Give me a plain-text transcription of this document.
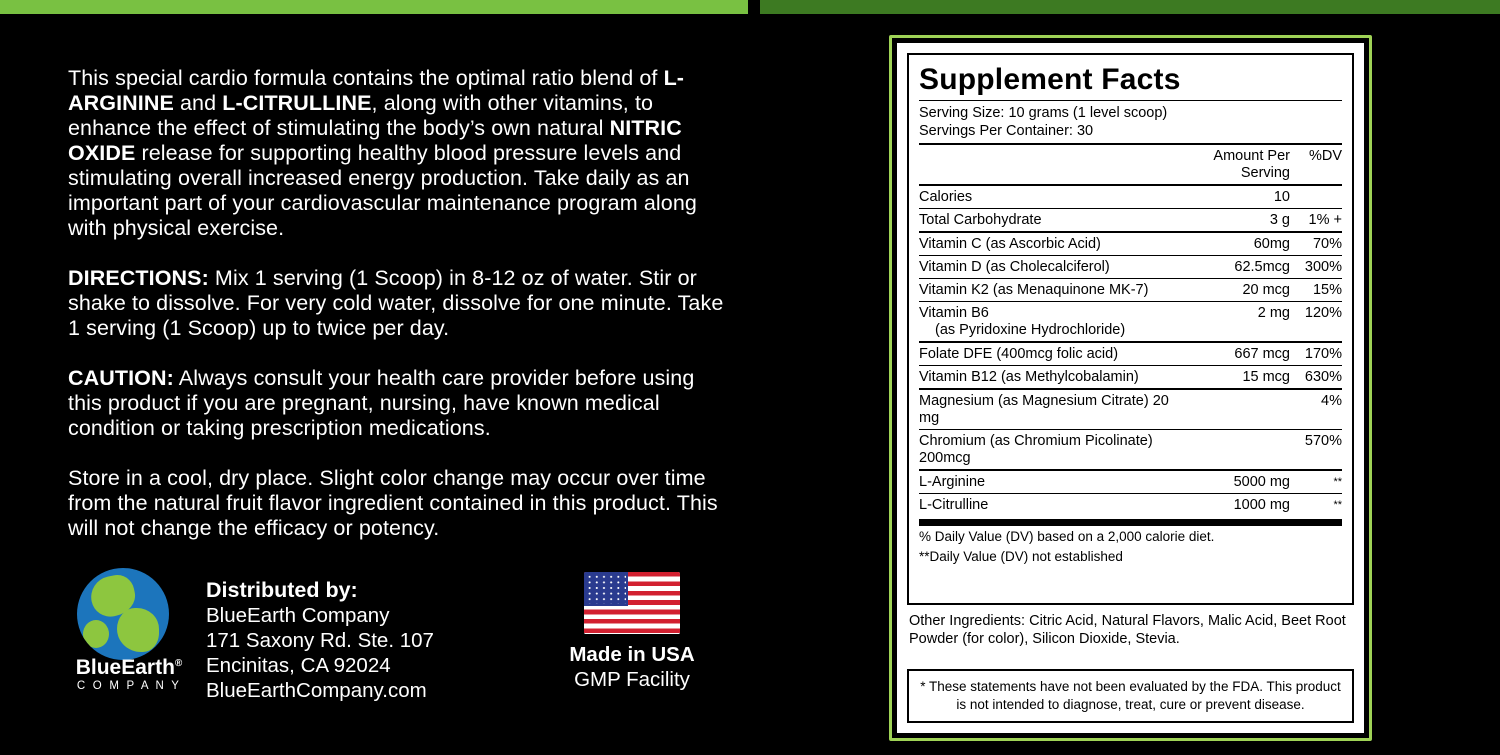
This special cardio formula contains the optimal ratio blend of L-ARGININE and L-CITRULLINE, along with other vitamins, to enhance the effect of stimulating the body’s own natural NITRIC OXIDE release for supporting healthy blood pressure levels and stimulating overall increased energy production. Take daily as an important part of your cardiovascular maintenance program along with physical exercise.
DIRECTIONS: Mix 1 serving (1 Scoop) in 8-12 oz of water. Stir or shake to dissolve. For very cold water, dissolve for one minute. Take 1 serving (1 Scoop) up to twice per day.
CAUTION: Always consult your health care provider before using this product if you are pregnant, nursing, have known medical condition or taking prescription medications.
Store in a cool, dry place. Slight color change may occur over time from the natural fruit flavor ingredient contained in this product. This will not change the efficacy or potency.
BlueEarth®
C O M P A N Y
Distributed by:
BlueEarth Company
171 Saxony Rd. Ste. 107
Encinitas, CA 92024
BlueEarthCompany.com
Made in USA
GMP Facility
Supplement Facts
Serving Size: 10 grams (1 level scoop)
Servings Per Container: 30
	Amount Per Serving	%DV
Calories	10	
Total Carbohydrate	3 g	1% +
Vitamin C (as Ascorbic Acid)	60mg	70%
Vitamin D (as Cholecalciferol)	62.5mcg	300%
Vitamin K2 (as Menaquinone MK-7)	20 mcg	15%
Vitamin B6
(as Pyridoxine Hydrochloride)	2 mg	120%
Folate DFE (400mcg folic acid)	667 mcg	170%
Vitamin B12 (as Methylcobalamin)	15 mcg	630%
Magnesium (as Magnesium Citrate) 20 mg		4%
Chromium (as Chromium Picolinate) 200mcg		570%
L-Arginine	5000 mg	**
L-Citrulline	1000 mg	**
% Daily Value (DV) based on a 2,000 calorie diet.
**Daily Value (DV) not established
Other Ingredients: Citric Acid, Natural Flavors, Malic Acid, Beet Root Powder (for color), Silicon Dioxide, Stevia.
* These statements have not been evaluated by the FDA. This product
is not intended to diagnose, treat, cure or prevent disease.
